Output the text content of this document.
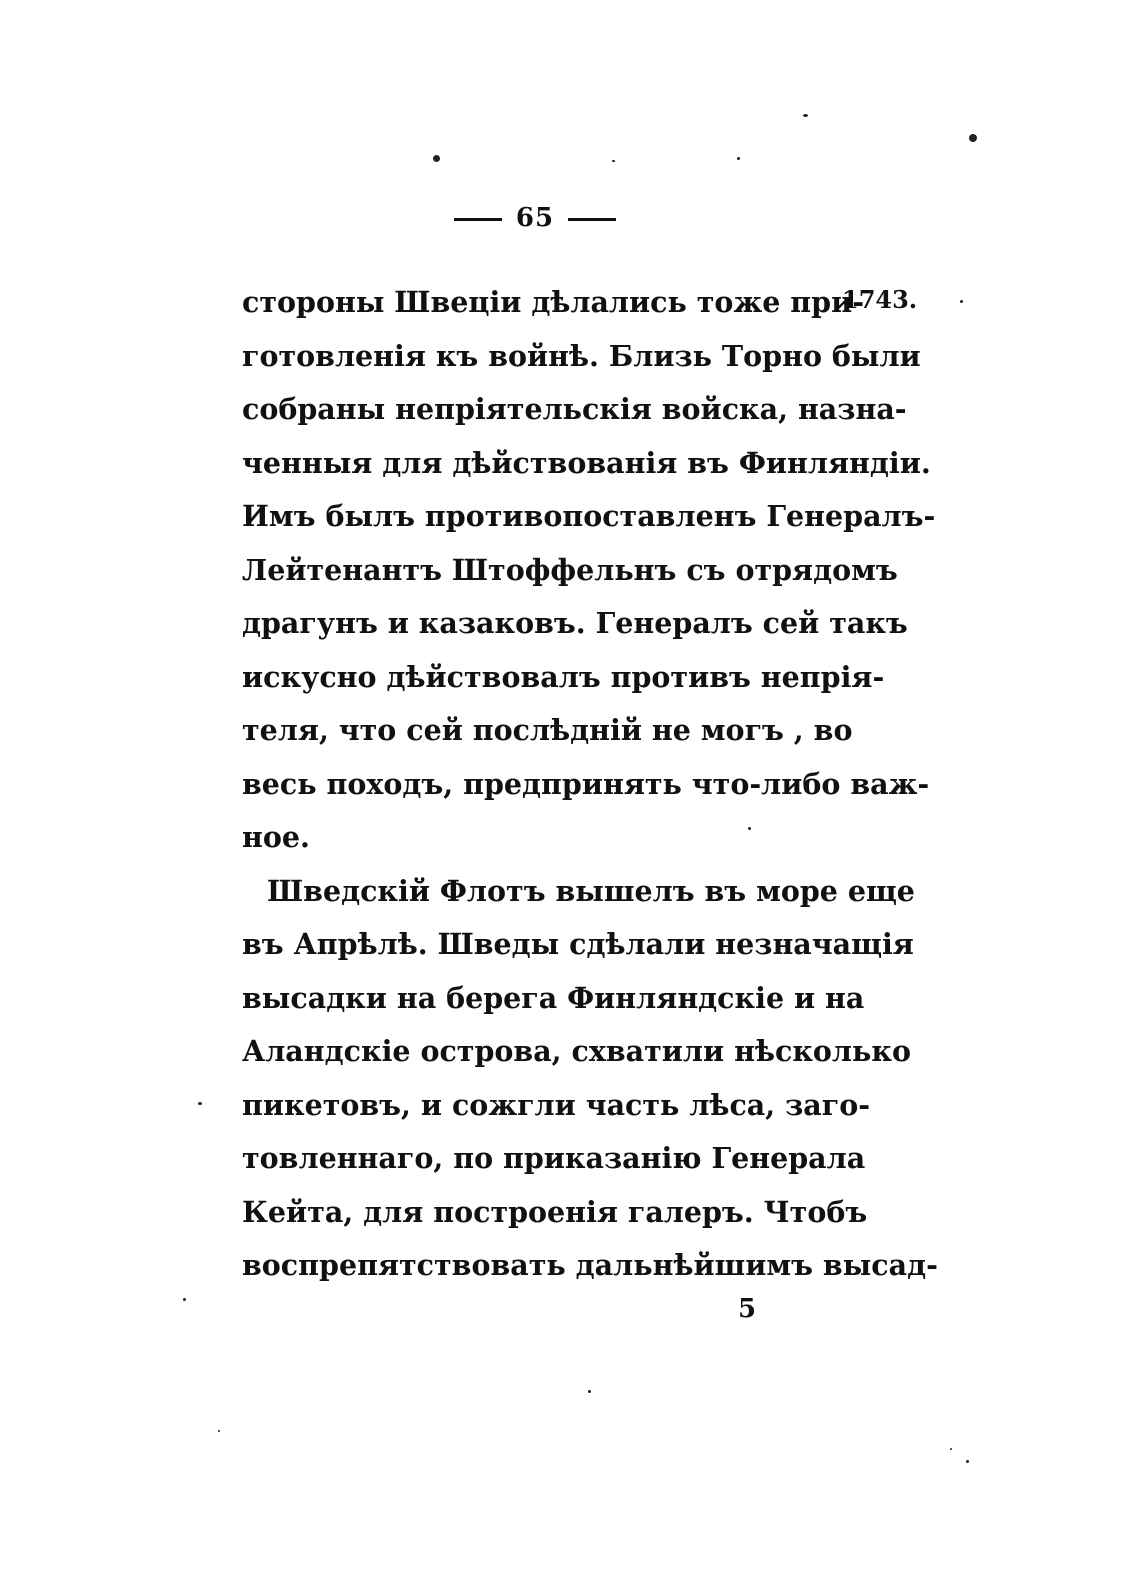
65
1743.
стороны Швеціи дѣлались тоже при-
готовленія къ войнѣ. Близь Торно были
собраны непріятельскія войска, назна-
ченныя для дѣйствованія въ Финляндіи.
Имъ былъ противопоставленъ Генералъ-
Лейтенантъ Штоффельнъ съ отрядомъ
драгунъ и казаковъ. Генералъ сей такъ
искусно дѣйствовалъ противъ непрія-
теля, что сей послѣдній не могъ , во
весь походъ, предпринять что-либо важ-
ное.
Шведскій Флотъ вышелъ въ море еще
въ Апрѣлѣ. Шведы сдѣлали незначащія
высадки на берега Финляндскіе и на
Аландскіе острова, схватили нѣсколько
пикетовъ, и сожгли часть лѣса, заго-
товленнаго, по приказанію Генерала
Кейта, для построенія галеръ. Чтобъ
воспрепятствовать дальнѣйшимъ высад-
5
